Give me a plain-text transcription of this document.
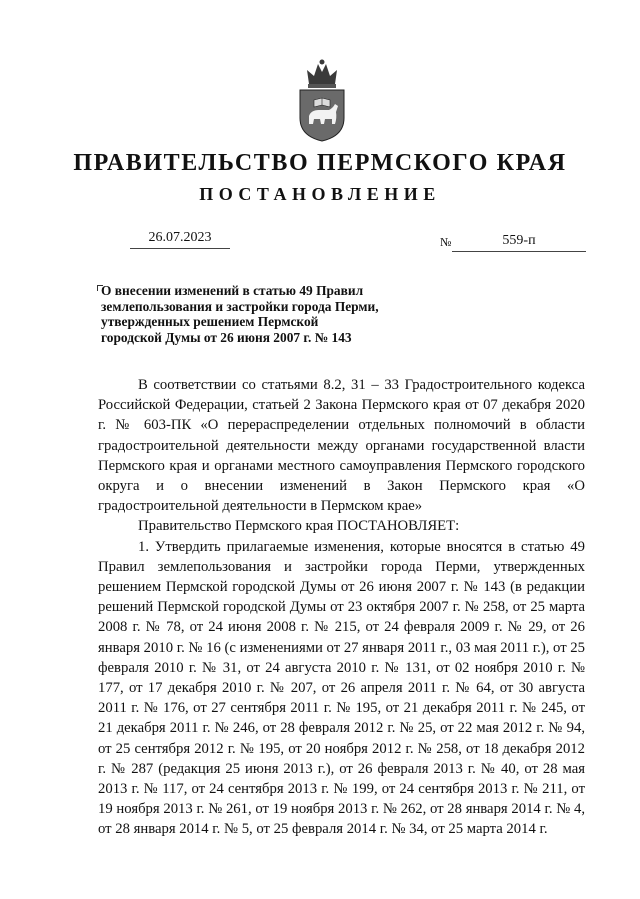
ПРАВИТЕЛЬСТВО ПЕРМСКОГО КРАЯ
ПОСТАНОВЛЕНИЕ
26.07.2023	№	559-п
О внесении изменений в статью 49 Правил
землепользования и застройки города Перми,
утвержденных решением Пермской
городской Думы от 26 июня 2007 г. № 143

В соответствии со статьями 8.2, 31 – 33 Градостроительного кодекса Российской Федерации, статьей 2 Закона Пермского края от 07 декабря 2020 г. № 603-ПК «О перераспределении отдельных полномочий в области градостроительной деятельности между органами государственной власти Пермского края и органами местного самоуправления Пермского городского округа и о внесении изменений в Закон Пермского края «О градостроительной деятельности в Пермском крае»

Правительство Пермского края ПОСТАНОВЛЯЕТ:

1. Утвердить прилагаемые изменения, которые вносятся в статью 49 Правил землепользования и застройки города Перми, утвержденных решением Пермской городской Думы от 26 июня 2007 г. № 143 (в редакции решений Пермской городской Думы от 23 октября 2007 г. № 258, от 25 марта 2008 г. № 78, от 24 июня 2008 г. № 215, от 24 февраля 2009 г. № 29, от 26 января 2010 г. № 16 (с изменениями от 27 января 2011 г., 03 мая 2011 г.), от 25 февраля 2010 г. № 31, от 24 августа 2010 г. № 131, от 02 ноября 2010 г. № 177, от 17 декабря 2010 г. № 207, от 26 апреля 2011 г. № 64, от 30 августа 2011 г. № 176, от 27 сентября 2011 г. № 195, от 21 декабря 2011 г. № 245, от 21 декабря 2011 г. № 246, от 28 февраля 2012 г. № 25, от 22 мая 2012 г. № 94, от 25 сентября 2012 г. № 195, от 20 ноября 2012 г. № 258, от 18 декабря 2012 г. № 287 (редакция 25 июня 2013 г.), от 26 февраля 2013 г. № 40, от 28 мая 2013 г. № 117, от 24 сентября 2013 г. № 199, от 24 сентября 2013 г. № 211, от 19 ноября 2013 г. № 261, от 19 ноября 2013 г. № 262, от 28 января 2014 г. № 4, от 28 января 2014 г. № 5, от 25 февраля 2014 г. № 34, от 25 марта 2014 г.
